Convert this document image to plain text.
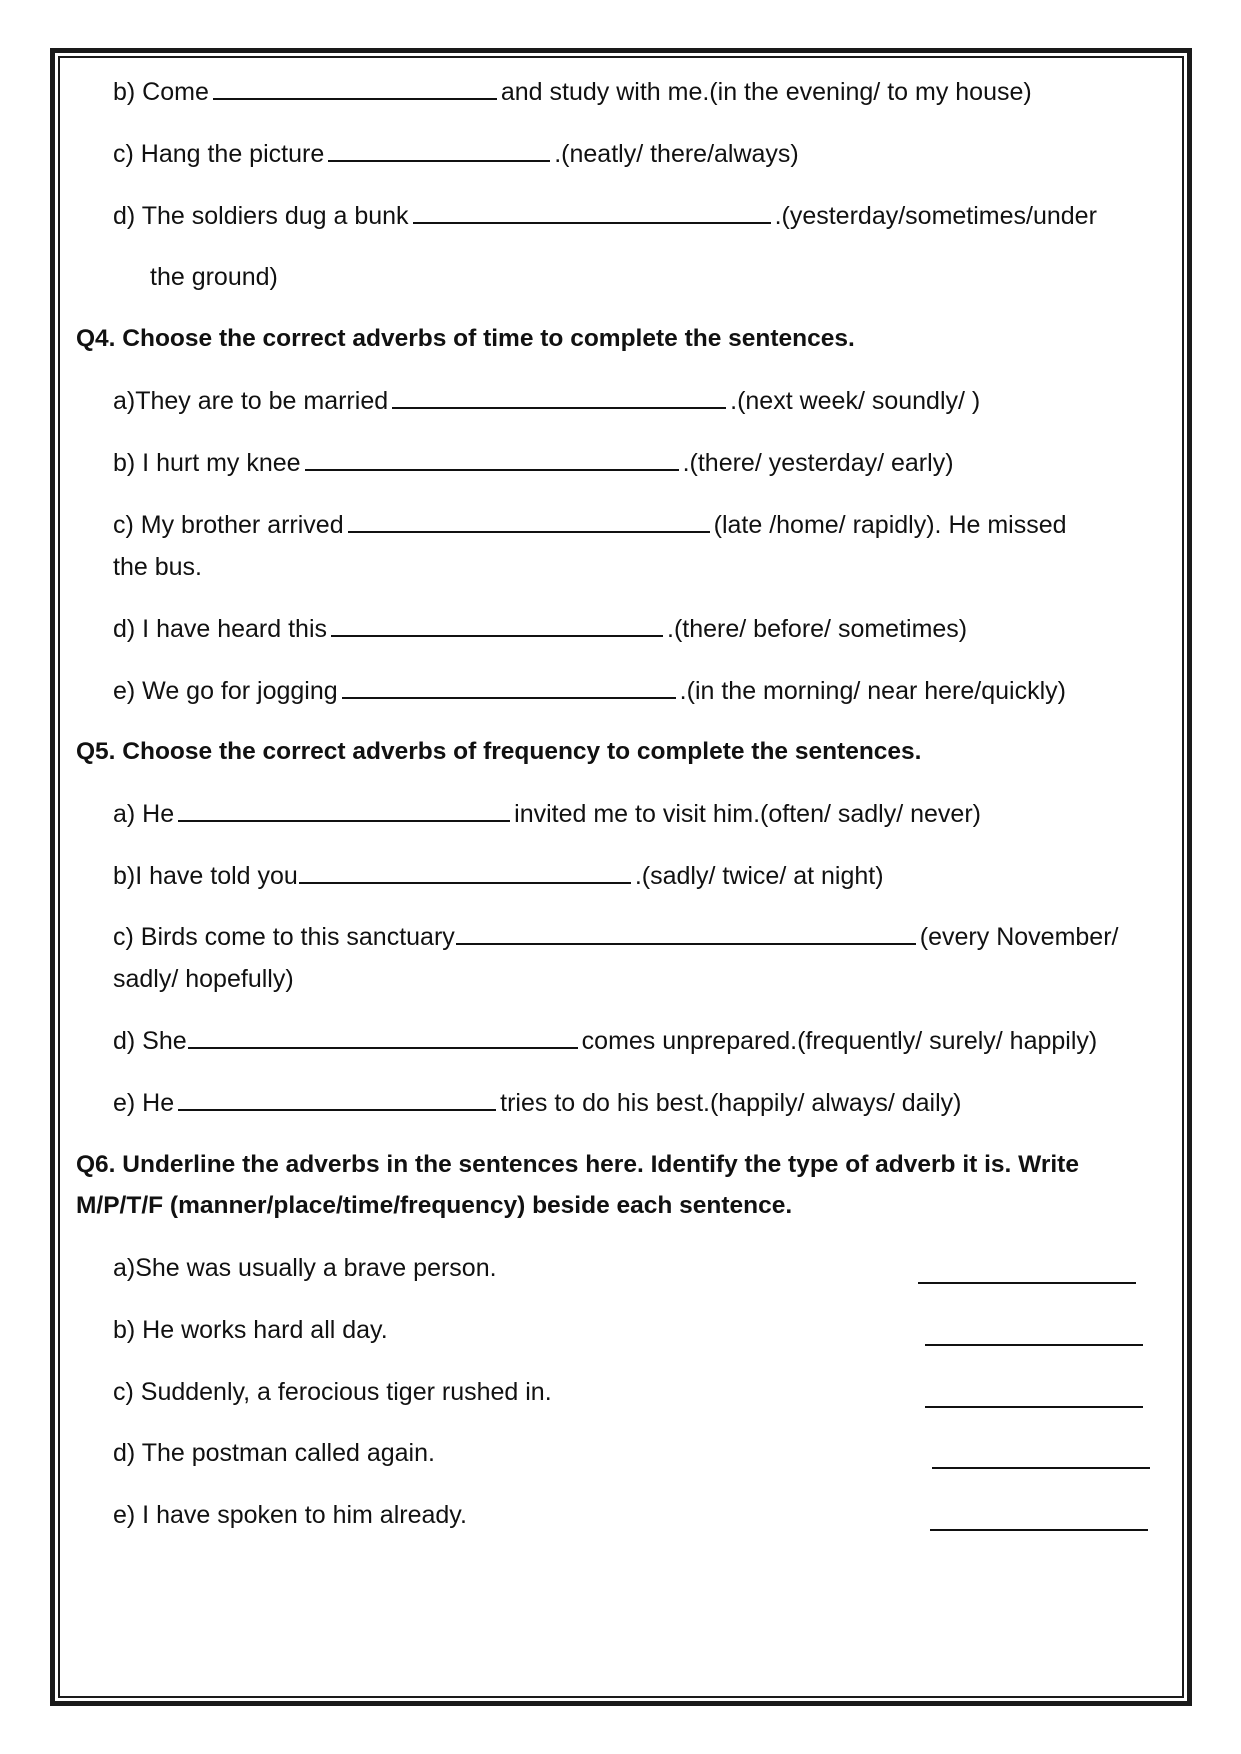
b) Come	and study with me.(in the evening/ to my house)
c) Hang the picture	.(neatly/ there/always)
d) The soldiers dug a bunk	.(yesterday/sometimes/under
the ground)
Q4. Choose the correct adverbs of time to complete the sentences.
a)They are to be married	.(next week/ soundly/ )
b) I hurt my knee	.(there/ yesterday/ early)
c) My brother arrived	(late /home/ rapidly). He missed
the bus.
d) I have heard this	.(there/ before/ sometimes)
e) We go for jogging	.(in the morning/ near here/quickly)
Q5. Choose the correct adverbs of frequency to complete the sentences.
a) He	invited me to visit him.(often/ sadly/ never)
b)I have told you	.(sadly/ twice/ at night)
c) Birds come to this sanctuary	(every November/
sadly/ hopefully)
d) She	comes unprepared.(frequently/ surely/ happily)
e) He	tries to do his best.(happily/ always/ daily)
Q6. Underline the adverbs in the sentences here. Identify the type of adverb it is. Write
M/P/T/F (manner/place/time/frequency) beside each sentence.
a)She was usually a brave person.
b) He works hard all day.
c) Suddenly, a ferocious tiger rushed in.
d) The postman called again.
e) I have spoken to him already.
